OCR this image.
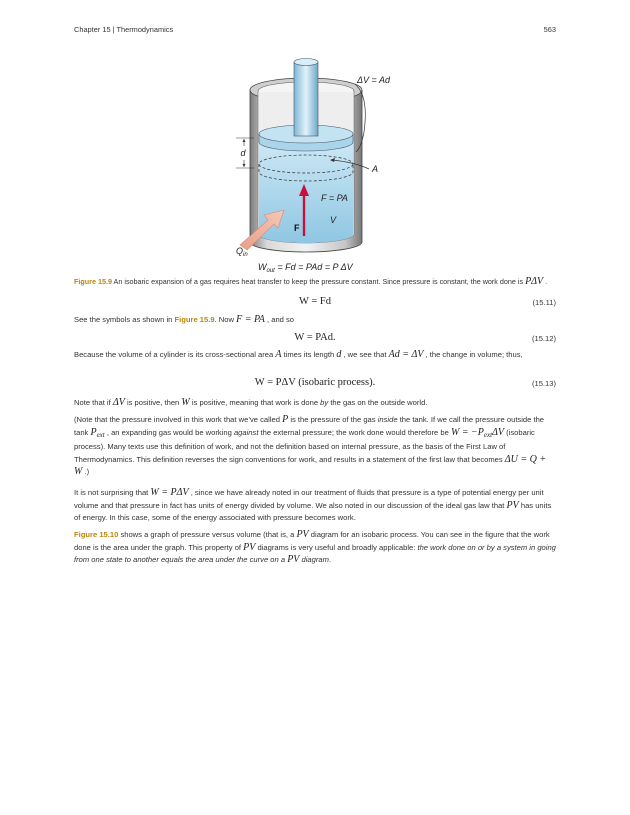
Chapter 15 | Thermodynamics	563
d
ΔV = Ad
A
F = PA
V
F
$Q_{in}$
$W_{out} = Fd$ = PAd = P ΔV
Figure 15.9 An isobaric expansion of a gas requires heat transfer to keep the pressure constant. Since pressure is constant, the work done is PΔV .
W = Fd	(15.11)
See the symbols as shown in Figure 15.9. Now F = PA , and so
W = PAd.	(15.12)
Because the volume of a cylinder is its cross-sectional area A times its length d , we see that Ad = ΔV , the change in volume; thus,
W = PΔV (isobaric process).	(15.13)
Note that if ΔV is positive, then W is positive, meaning that work is done by the gas on the outside world.
(Note that the pressure involved in this work that we’ve called P is the pressure of the gas inside the tank. If we call the pressure outside the tank Pext , an expanding gas would be working against the external pressure; the work done would therefore be W = −PextΔV (isobaric process). Many texts use this definition of work, and not the definition based on internal pressure, as the basis of the First Law of Thermodynamics. This definition reverses the sign conventions for work, and results in a statement of the first law that becomes ΔU = Q + W .)
It is not surprising that W = PΔV , since we have already noted in our treatment of fluids that pressure is a type of potential energy per unit volume and that pressure in fact has units of energy divided by volume. We also noted in our discussion of the ideal gas law that PV has units of energy. In this case, some of the energy associated with pressure becomes work.
Figure 15.10 shows a graph of pressure versus volume (that is, a PV diagram for an isobaric process. You can see in the figure that the work done is the area under the graph. This property of PV diagrams is very useful and broadly applicable: the work done on or by a system in going from one state to another equals the area under the curve on a PV diagram.
